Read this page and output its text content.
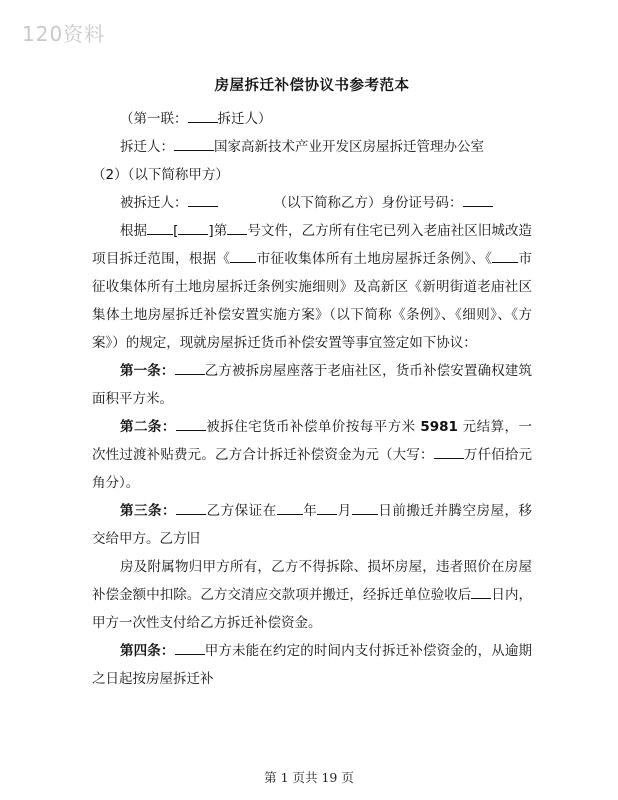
120资料
房屋拆迁补偿协议书参考范本

（第一联： 拆迁人）

拆迁人：	国家高新技术产业开发区房屋拆迁管理办公室

（2）（以下简称甲方）

被拆迁人：	（以下简称乙方）身份证号码：

根据 [ ]第 号文件，乙方所有住宅已列入老庙社区旧城改造项目拆迁范围，根据《 市征收集体所有土地房屋拆迁条例》、《 市征收集体所有土地房屋拆迁条例实施细则》及高新区《新明街道老庙社区集体土地房屋拆迁补偿安置实施方案》（以下简称《条例》、《细则》、《方案》）的规定，现就房屋拆迁货币补偿安置等事宜签定如下协议：

第一条： 乙方被拆房屋座落于老庙社区，货币补偿安置确权建筑面积平方米。

第二条： 被拆住宅货币补偿单价按每平方米 5981 元结算，一次性过渡补贴费元。乙方合计拆迁补偿资金为元（大写： 万仟佰拾元角分）。

第三条： 乙方保证在 年 月 日前搬迁并腾空房屋，移交给甲方。乙方旧

房及附属物归甲方所有，乙方不得拆除、损坏房屋，违者照价在房屋补偿金额中扣除。乙方交清应交款项并搬迁，经拆迁单位验收后 日内，甲方一次性支付给乙方拆迁补偿资金。

第四条： 甲方未能在约定的时间内支付拆迁补偿资金的，从逾期之日起按房屋拆迁补

第 1 页共 19 页
